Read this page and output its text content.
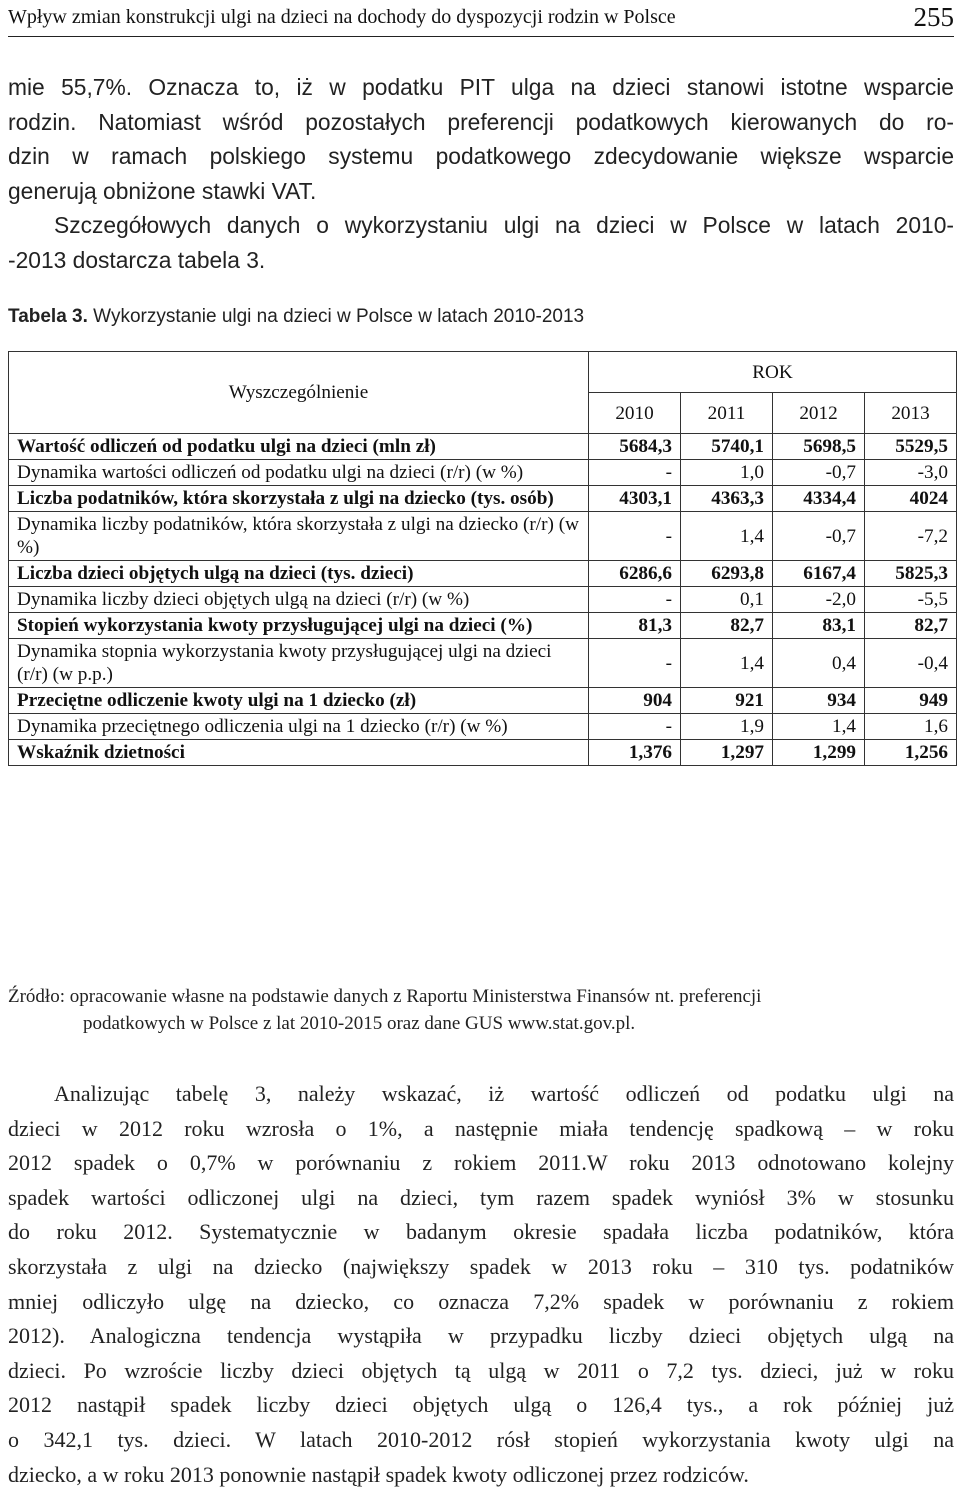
Wpływ zmian konstrukcji ulgi na dzieci na dochody do dyspozycji rodzin w Polsce	255
mie 55,7%. Oznacza to, iż w podatku PIT ulga na dzieci stanowi istotne wsparcie
rodzin. Natomiast wśród pozostałych preferencji podatkowych kierowanych do ro-
dzin w ramach polskiego systemu podatkowego zdecydowanie większe wsparcie
generują obniżone stawki VAT.
Szczegółowych danych o wykorzystaniu ulgi na dzieci w Polsce w latach 2010-
-2013 dostarcza tabela 3.
Tabela 3. Wykorzystanie ulgi na dzieci w Polsce w latach 2010-2013
Wyszczególnienie	ROK			
	2010	2011	2012	2013
Wartość odliczeń od podatku ulgi na dzieci (mln zł)	5684,3	5740,1	5698,5	5529,5
Dynamika wartości odliczeń od podatku ulgi na dzieci (r/r) (w %)	-	1,0	-0,7	-3,0
Liczba podatników, która skorzystała z ulgi na dziecko (tys. osób)	4303,1	4363,3	4334,4	4024
Dynamika liczby podatników, która skorzystała z ulgi na dziecko (r/r) (w %)	-	1,4	-0,7	-7,2
Liczba dzieci objętych ulgą na dzieci (tys. dzieci)	6286,6	6293,8	6167,4	5825,3
Dynamika liczby dzieci objętych ulgą na dzieci (r/r) (w %)	-	0,1	-2,0	-5,5
Stopień wykorzystania kwoty przysługującej ulgi na dzieci (%)	81,3	82,7	83,1	82,7
Dynamika stopnia wykorzystania kwoty przysługującej ulgi na dzieci (r/r) (w p.p.)	-	1,4	0,4	-0,4
Przeciętne odliczenie kwoty ulgi na 1 dziecko (zł)	904	921	934	949
Dynamika przeciętnego odliczenia ulgi na 1 dziecko (r/r) (w %)	-	1,9	1,4	1,6
Wskaźnik dzietności	1,376	1,297	1,299	1,256
Źródło: opracowanie własne na podstawie danych z Raportu Ministerstwa Finansów nt. preferencji
podatkowych w Polsce z lat 2010-2015 oraz dane GUS www.stat.gov.pl.
Analizując tabelę 3, należy wskazać, iż wartość odliczeń od podatku ulgi na
dzieci w 2012 roku wzrosła o 1%, a następnie miała tendencję spadkową – w roku
2012 spadek o 0,7% w porównaniu z rokiem 2011.W roku 2013 odnotowano kolejny
spadek wartości odliczonej ulgi na dzieci, tym razem spadek wyniósł 3% w stosunku
do roku 2012. Systematycznie w badanym okresie spadała liczba podatników, która
skorzystała z ulgi na dziecko (największy spadek w 2013 roku – 310 tys. podatników
mniej odliczyło ulgę na dziecko, co oznacza 7,2% spadek w porównaniu z rokiem
2012). Analogiczna tendencja wystąpiła w przypadku liczby dzieci objętych ulgą na
dzieci. Po wzroście liczby dzieci objętych tą ulgą w 2011 o 7,2 tys. dzieci, już w roku
2012 nastąpił spadek liczby dzieci objętych ulgą o 126,4 tys., a rok później już
o 342,1 tys. dzieci. W latach 2010-2012 rósł stopień wykorzystania kwoty ulgi na
dziecko, a w roku 2013 ponownie nastąpił spadek kwoty odliczonej przez rodziców.
